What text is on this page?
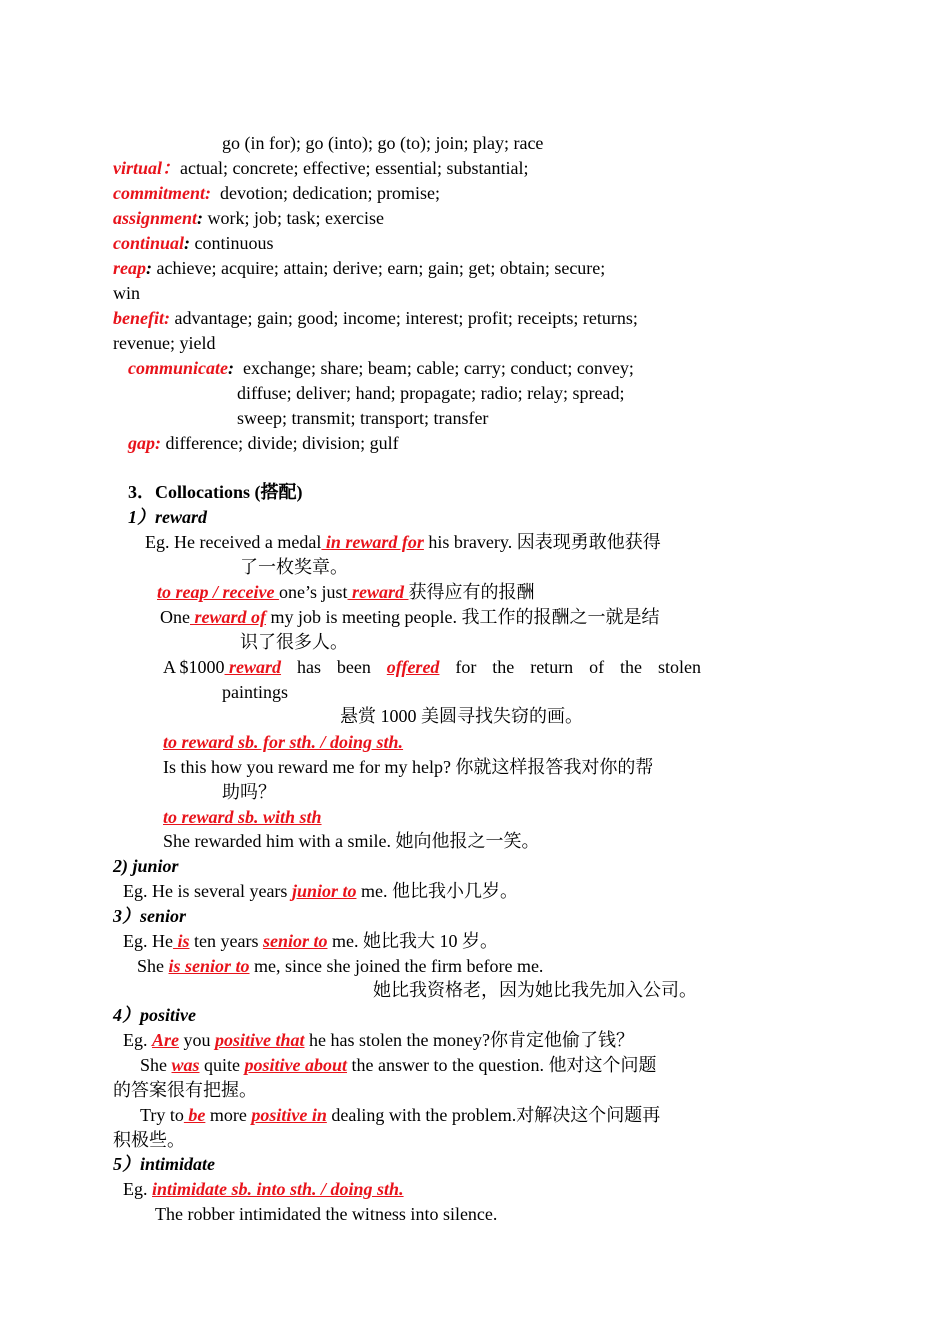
go (in for); go (into); go (to); join; play; race
virtual：actual; concrete; effective; essential; substantial;
commitment: devotion; dedication; promise;
assignment: work; job; task; exercise
continual: continuous
reap: achieve; acquire; attain; derive; earn; gain; get; obtain; secure;
win
benefit: advantage; gain; good; income; interest; profit; receipts; returns;
revenue; yield
communicate: exchange; share; beam; cable; carry; conduct; convey;
diffuse; deliver; hand; propagate; radio; relay; spread;
sweep; transmit; transport; transfer
gap: difference; divide; division; gulf
3．Collocations (搭配)
1）reward
Eg. He received a medal in reward for his bravery. 因表现勇敢他获得
了一枚奖章。
to reap / receive one’s just reward 获得应有的报酬
One reward of my job is meeting people. 我工作的报酬之一就是结
识了很多人。
A $1000 reward has been offered for the return of the stolen
paintings
悬赏 1000 美圆寻找失窃的画。
to reward sb. for sth. / doing sth.
Is this how you reward me for my help? 你就这样报答我对你的帮
助吗？
to reward sb. with sth
She rewarded him with a smile. 她向他报之一笑。
2) junior
Eg. He is several years junior to me. 他比我小几岁。
3）senior
Eg. He is ten years senior to me. 她比我大 10 岁。
She is senior to me, since she joined the firm before me.
她比我资格老，因为她比我先加入公司。
4）positive
Eg. Are you positive that he has stolen the money?你肯定他偷了钱？
She was quite positive about the answer to the question. 他对这个问题
的答案很有把握。
Try to be more positive in dealing with the problem.对解决这个问题再
积极些。
5）intimidate
Eg. intimidate sb. into sth. / doing sth.
The robber intimidated the witness into silence.
